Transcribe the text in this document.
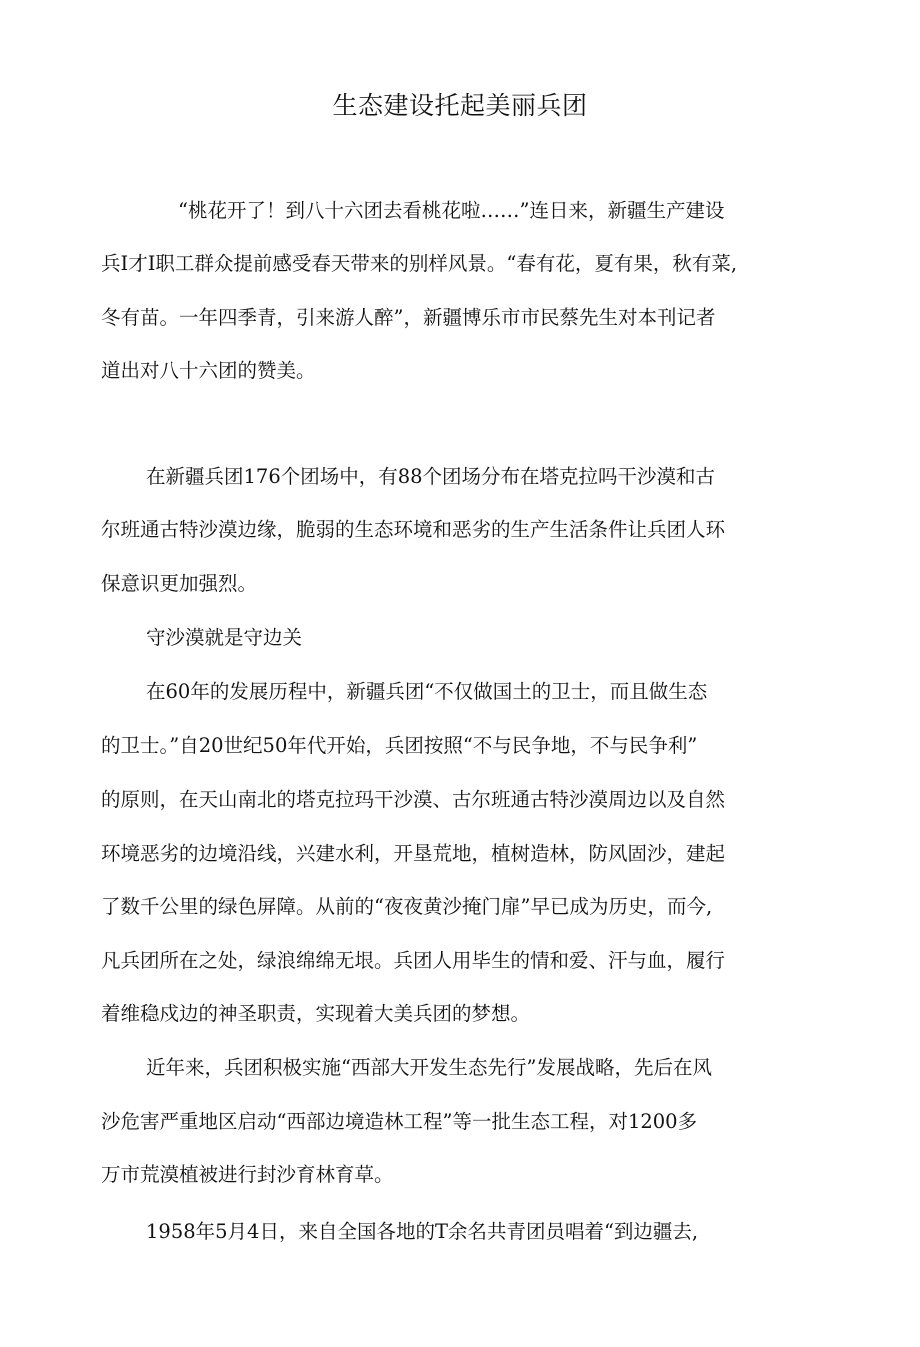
生态建设托起美丽兵团
“桃花开了！到八十六团去看桃花啦……”连日来，新疆生产建设
兵I才I职工群众提前感受春天带来的别样风景。“春有花，夏有果，秋有菜,
冬有苗。一年四季青，引来游人醉”，新疆博乐市市民蔡先生对本刊记者
道出对八十六团的赞美。
在新疆兵团176个团场中，有88个团场分布在塔克拉吗干沙漠和古
尔班通古特沙漠边缘，脆弱的生态环境和恶劣的生产生活条件让兵团人环
保意识更加强烈。
守沙漠就是守边关
在60年的发展历程中，新疆兵团“不仅做国土的卫士，而且做生态
的卫士。”自20世纪50年代开始，兵团按照“不与民争地，不与民争利”
的原则，在天山南北的塔克拉玛干沙漠、古尔班通古特沙漠周边以及自然
环境恶劣的边境沿线，兴建水利，开垦荒地，植树造林，防风固沙，建起
了数千公里的绿色屏障。从前的“夜夜黄沙掩门扉”早已成为历史，而今,
凡兵团所在之处，绿浪绵绵无垠。兵团人用毕生的情和爱、汗与血，履行
着维稳戍边的神圣职责，实现着大美兵团的梦想。
近年来，兵团积极实施“西部大开发生态先行”发展战略，先后在风
沙危害严重地区启动“西部边境造林工程”等一批生态工程，对1200多
万市荒漠植被进行封沙育林育草。
1958年5月4日，来自全国各地的T余名共青团员唱着“到边疆去,
